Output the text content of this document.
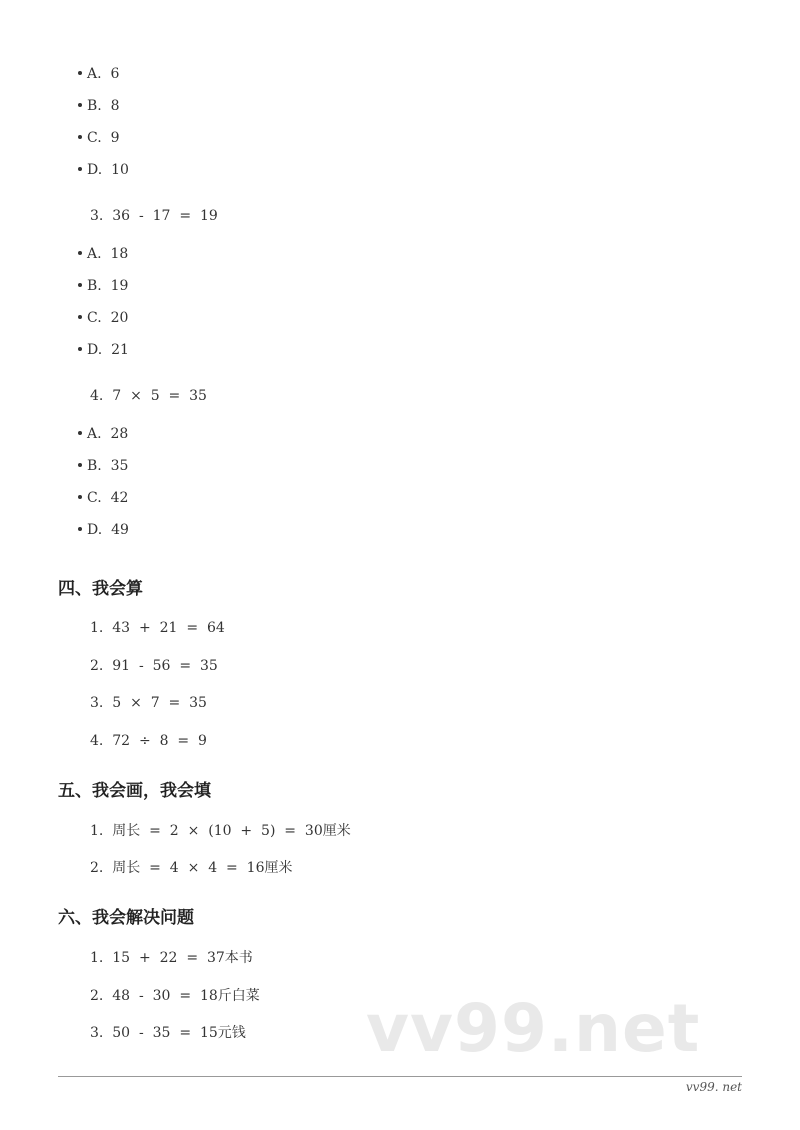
A.  6
B.  8
C.  9
D.  10
3.  36  -  17  =  19
A.  18
B.  19
C.  20
D.  21
4.  7  ×  5  =  35
A.  28
B.  35
C.  42
D.  49
四、我会算
1.  43  +  21  =  64
2.  91  -  56  =  35
3.  5  ×  7  =  35
4.  72  ÷  8  =  9
五、我会画，我会填
1.  周长  =  2  ×  (10  +  5)  =  30厘米
2.  周长  =  4  ×  4  =  16厘米
六、我会解决问题
1.  15  +  22  =  37本书
2.  48  -  30  =  18斤白菜
3.  50  -  35  =  15元钱 vv99.net
vv99. net
